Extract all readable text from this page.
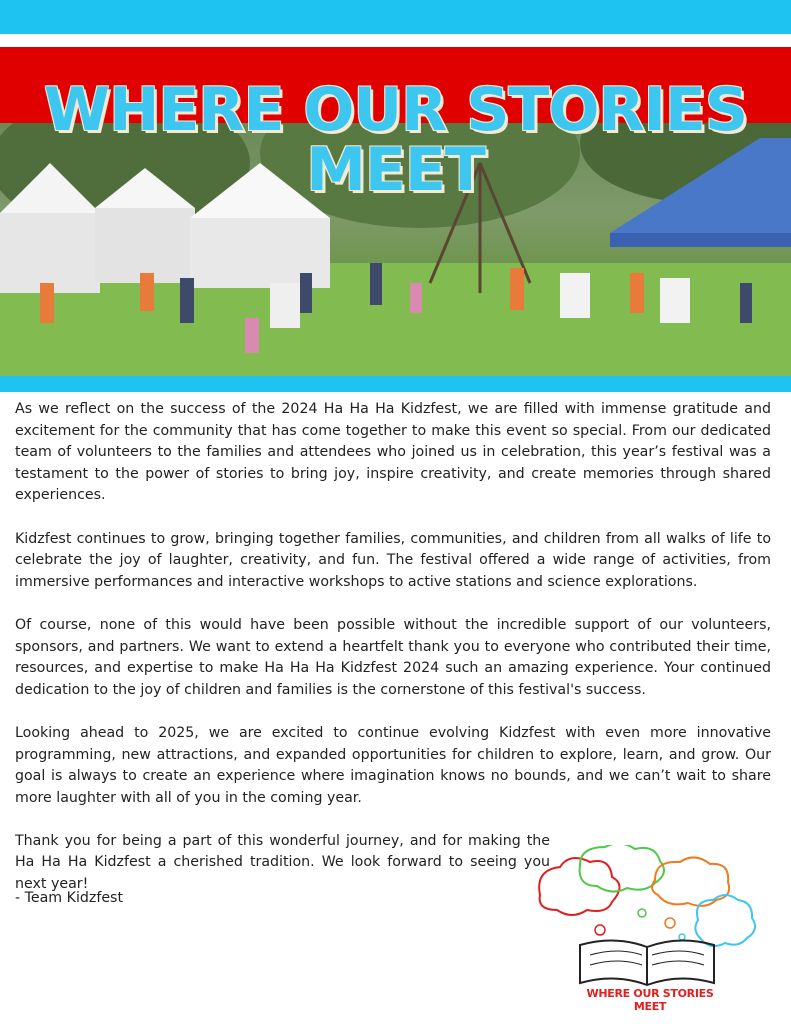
WHERE OUR STORIES MEET

As we reflect on the success of the 2024 Ha Ha Ha Kidzfest, we are filled with immense gratitude and excitement for the community that has come together to make this event so special. From our dedicated team of volunteers to the families and attendees who joined us in celebration, this year’s festival was a testament to the power of stories to bring joy, inspire creativity, and create memories through shared experiences.

Kidzfest continues to grow, bringing together families, communities, and children from all walks of life to celebrate the joy of laughter, creativity, and fun. The festival offered a wide range of activities, from immersive performances and interactive workshops to active stations and science explorations.

Of course, none of this would have been possible without the incredible support of our volunteers, sponsors, and partners. We want to extend a heartfelt thank you to everyone who contributed their time, resources, and expertise to make Ha Ha Ha Kidzfest 2024 such an amazing experience. Your continued dedication to the joy of children and families is the cornerstone of this festival's success.

Looking ahead to 2025, we are excited to continue evolving Kidzfest with even more innovative programming, new attractions, and expanded opportunities for children to explore, learn, and grow. Our goal is always to create an experience where imagination knows no bounds, and we can’t wait to share more laughter with all of you in the coming year.

Thank you for being a part of this wonderful journey, and for making the Ha Ha Ha Kidzfest a cherished tradition. We look forward to seeing you next year!

- Team Kidzfest
WHERE OUR STORIES MEET
